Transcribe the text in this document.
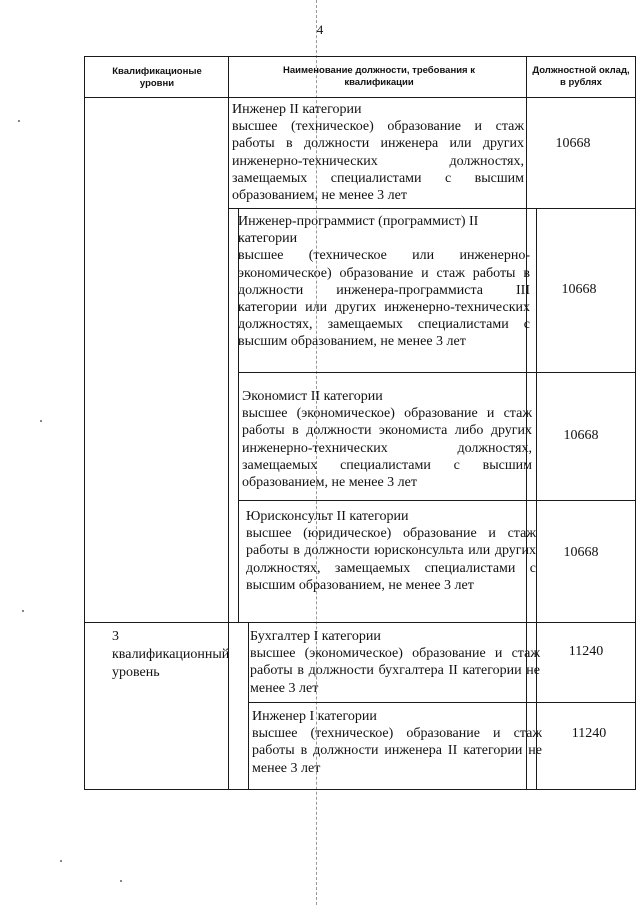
4
Квалификационые уровни
Наименование должности, требования к квалификации
Должностной оклад, в рублях
Инженер II категории
высшее (техническое) образование и стаж работы в должности инженера или других инженерно-технических должностях, замещаемых специалистами с высшим образованием, не менее 3 лет
10668
Инженер-программист (программист) II категории
высшее (техническое или инженерно-экономическое) образование и стаж работы в должности инженера-программиста III категории или других инженерно-технических должностях, замещаемых специалистами с высшим образованием, не менее 3 лет
10668
Экономист II категории
высшее (экономическое) образование и стаж работы в должности экономиста либо других инженерно-технических должностях, замещаемых специалистами с высшим образованием, не менее 3 лет
10668
Юрисконсульт II категории
высшее (юридическое) образование и стаж работы в должности юрисконсульта или других должностях, замещаемых специалистами с высшим образованием, не менее 3 лет
10668
3 квалификационный уровень
Бухгалтер I категории
высшее (экономическое) образование и стаж работы в должности бухгалтера II категории не менее 3 лет
11240
Инженер I категории
высшее (техническое) образование и стаж работы в должности инженера II категории не менее 3 лет
11240
